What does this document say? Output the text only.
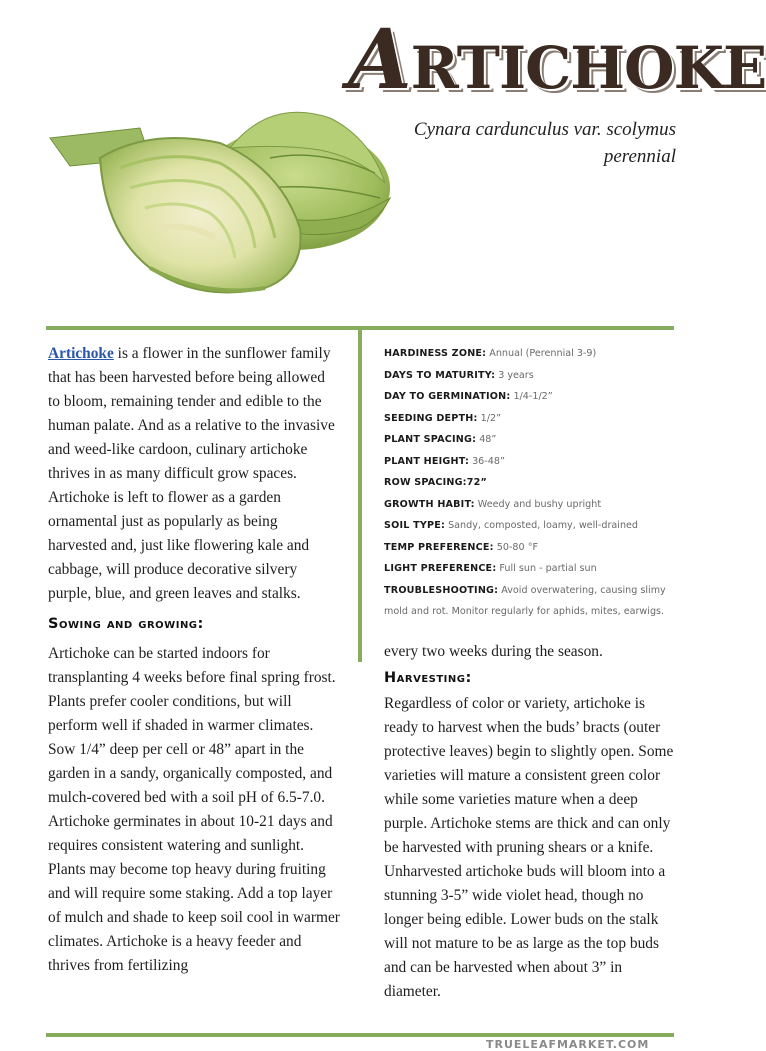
ARTICHOKE
Cynara cardunculus var. scolymus
perennial
Artichoke is a flower in the sunflower family that has been harvested before being allowed to bloom, remaining tender and edible to the human palate. And as a relative to the invasive and weed-like cardoon, culinary artichoke thrives in as many difficult grow spaces. Artichoke is left to flower as a garden ornamental just as popularly as being harvested and, just like flowering kale and cabbage, will produce decorative silvery purple, blue, and green leaves and stalks.
Sowing and growing:
Artichoke can be started indoors for transplanting 4 weeks before final spring frost. Plants prefer cooler conditions, but will perform well if shaded in warmer climates. Sow 1/4” deep per cell or 48” apart in the garden in a sandy, organically composted, and mulch-covered bed with a soil pH of 6.5-7.0. Artichoke germinates in about 10-21 days and requires consistent watering and sunlight. Plants may become top heavy during fruiting and will require some staking. Add a top layer of mulch and shade to keep soil cool in warmer climates. Artichoke is a heavy feeder and thrives from fertilizing
HARDINESS ZONE: Annual (Perennial 3-9)
DAYS TO MATURITY: 3 years
DAY TO GERMINATION: 1/4-1/2”
SEEDING DEPTH: 1/2”
PLANT SPACING: 48”
PLANT HEIGHT: 36-48”
ROW SPACING:72”
GROWTH HABIT: Weedy and bushy upright
SOIL TYPE: Sandy, composted, loamy, well-drained
TEMP PREFERENCE: 50-80 °F
LIGHT PREFERENCE: Full sun - partial sun
TROUBLESHOOTING: Avoid overwatering, causing slimy mold and rot. Monitor regularly for aphids, mites, earwigs.
every two weeks during the season.
Harvesting:
Regardless of color or variety, artichoke is ready to harvest when the buds’ bracts (outer protective leaves) begin to slightly open. Some varieties will mature a consistent green color while some varieties mature when a deep purple. Artichoke stems are thick and can only be harvested with pruning shears or a knife. Unharvested artichoke buds will bloom into a stunning 3-5” wide violet head, though no longer being edible. Lower buds on the stalk will not mature to be as large as the top buds and can be harvested when about 3” in diameter.
TRUELEAFMARKET.COM
